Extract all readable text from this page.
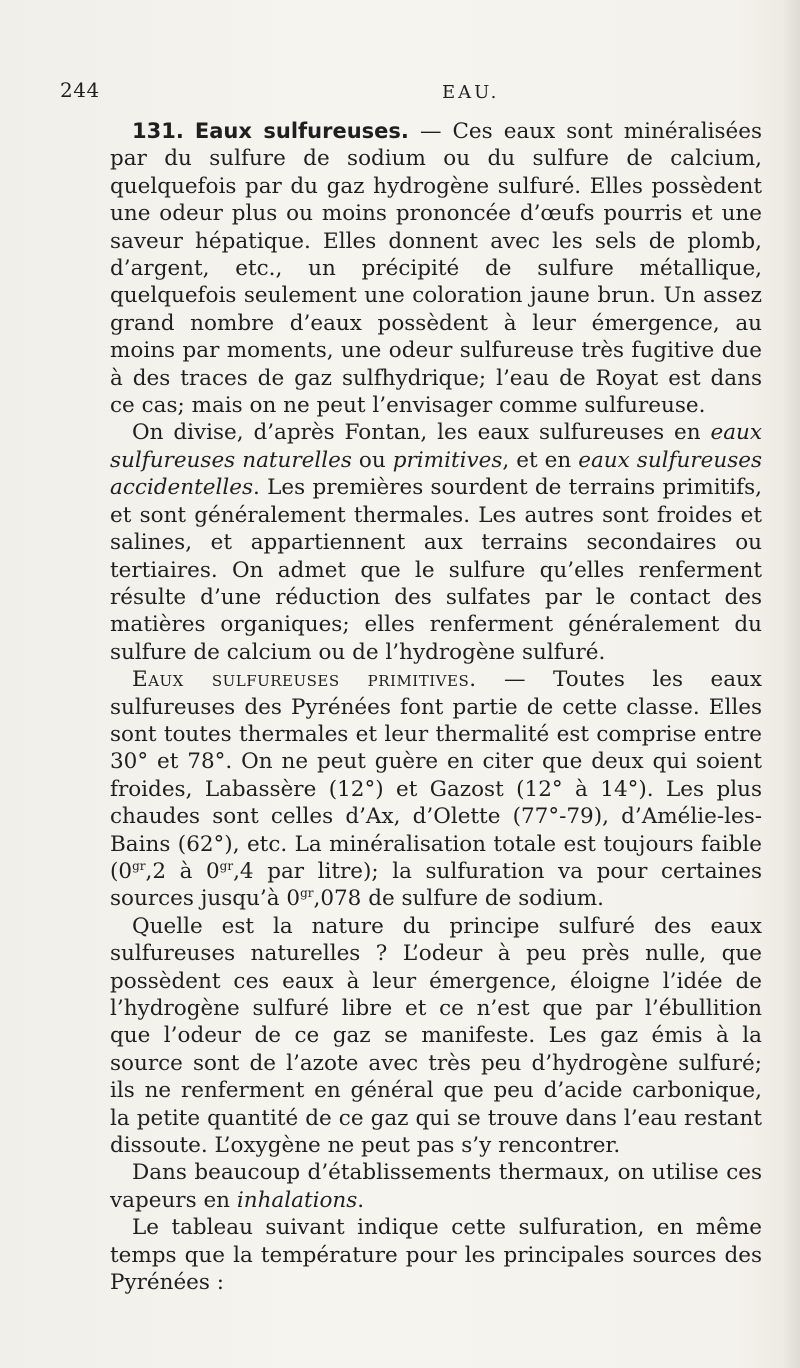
244	EAU.

131. Eaux sulfureuses. — Ces eaux sont minéralisées par du sulfure de sodium ou du sulfure de calcium, quelquefois par du gaz hydrogène sulfuré. Elles possèdent une odeur plus ou moins prononcée d’œufs pourris et une saveur hépatique. Elles donnent avec les sels de plomb, d’argent, etc., un précipité de sulfure métallique, quelquefois seulement une coloration jaune brun. Un assez grand nombre d’eaux possèdent à leur émergence, au moins par moments, une odeur sulfureuse très fugitive due à des traces de gaz sulfhydrique; l’eau de Royat est dans ce cas; mais on ne peut l’envisager comme sulfureuse.

On divise, d’après Fontan, les eaux sulfureuses en eaux sulfureuses naturelles ou primitives, et en eaux sulfureuses accidentelles. Les premières sourdent de terrains primitifs, et sont généralement thermales. Les autres sont froides et salines, et appartiennent aux terrains secondaires ou tertiaires. On admet que le sulfure qu’elles renferment résulte d’une réduction des sulfates par le contact des matières organiques; elles renferment généralement du sulfure de calcium ou de l’hydrogène sulfuré.

Eaux sulfureuses primitives. — Toutes les eaux sulfureuses des Pyrénées font partie de cette classe. Elles sont toutes thermales et leur thermalité est comprise entre 30° et 78°. On ne peut guère en citer que deux qui soient froides, Labassère (12°) et Gazost (12° à 14°). Les plus chaudes sont celles d’Ax, d’Olette (77°-79), d’Amélie-les-Bains (62°), etc. La minéralisation totale est toujours faible ($0^{gr},2$ à $0^{gr},4$ par litre); la sulfuration va pour certaines sources jusqu’à $0^{gr},078$ de sulfure de sodium.

Quelle est la nature du principe sulfuré des eaux sulfureuses naturelles ? L’odeur à peu près nulle, que possèdent ces eaux à leur émergence, éloigne l’idée de l’hydrogène sulfuré libre et ce n’est que par l’ébullition que l’odeur de ce gaz se manifeste. Les gaz émis à la source sont de l’azote avec très peu d’hydrogène sulfuré; ils ne renferment en général que peu d’acide carbonique, la petite quantité de ce gaz qui se trouve dans l’eau restant dissoute. L’oxygène ne peut pas s’y rencontrer.

Dans beaucoup d’établissements thermaux, on utilise ces vapeurs en inhalations.

Le tableau suivant indique cette sulfuration, en même temps que la température pour les principales sources des Pyrénées :
